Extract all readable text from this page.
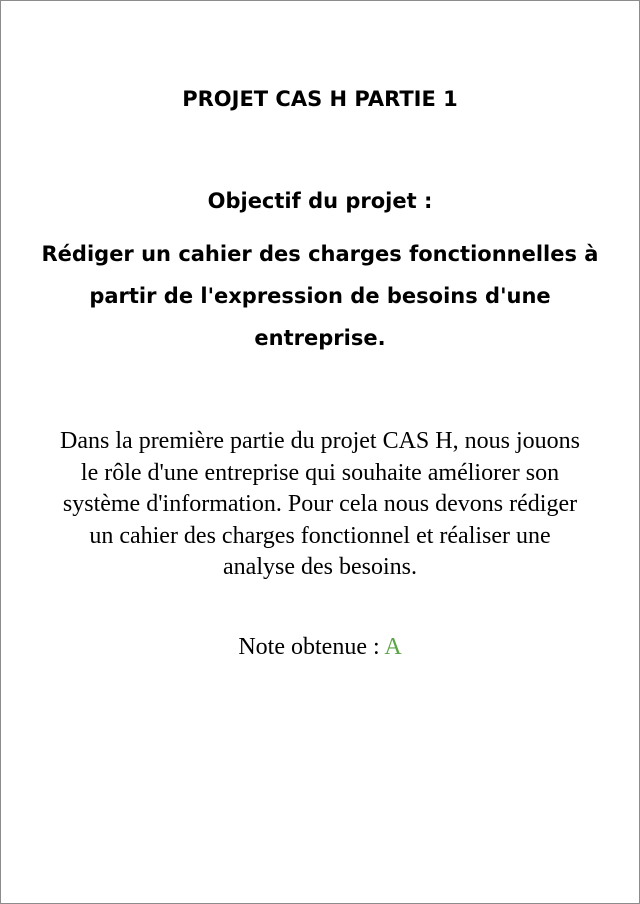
PROJET CAS H PARTIE 1
Objectif du projet :

Rédiger un cahier des charges fonctionnelles à partir de l'expression de besoins d'une entreprise.

Dans la première partie du projet CAS H, nous jouons le rôle d'une entreprise qui souhaite améliorer son système d'information. Pour cela nous devons rédiger un cahier des charges fonctionnel et réaliser une analyse des besoins.

Note obtenue : A
